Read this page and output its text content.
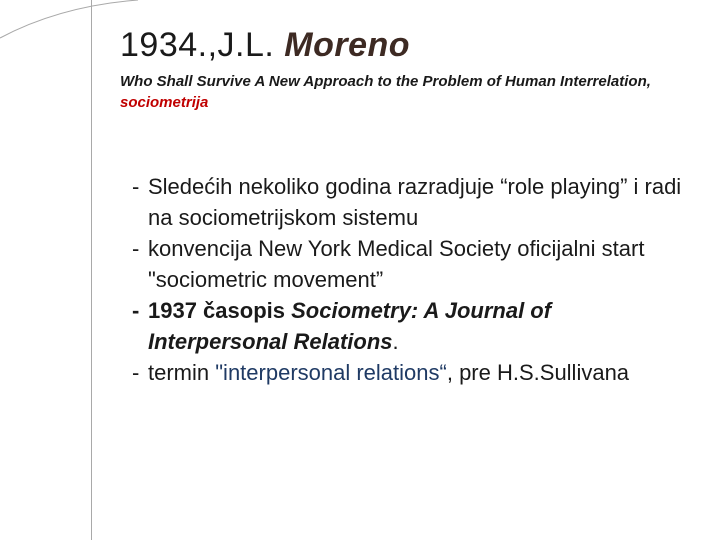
1934.,J.L. Moreno
Who Shall Survive A New Approach to the Problem of Human Interrelation, sociometrija
- Sledećih nekoliko godina razradjuje “role playing” i radi na sociometrijskom sistemu
- konvencija New York Medical Society oficijalni start "sociometric movement”
- 1937 časopis Sociometry: A Journal of Interpersonal Relations.
- termin "interpersonal relations“, pre H.S.Sullivana
